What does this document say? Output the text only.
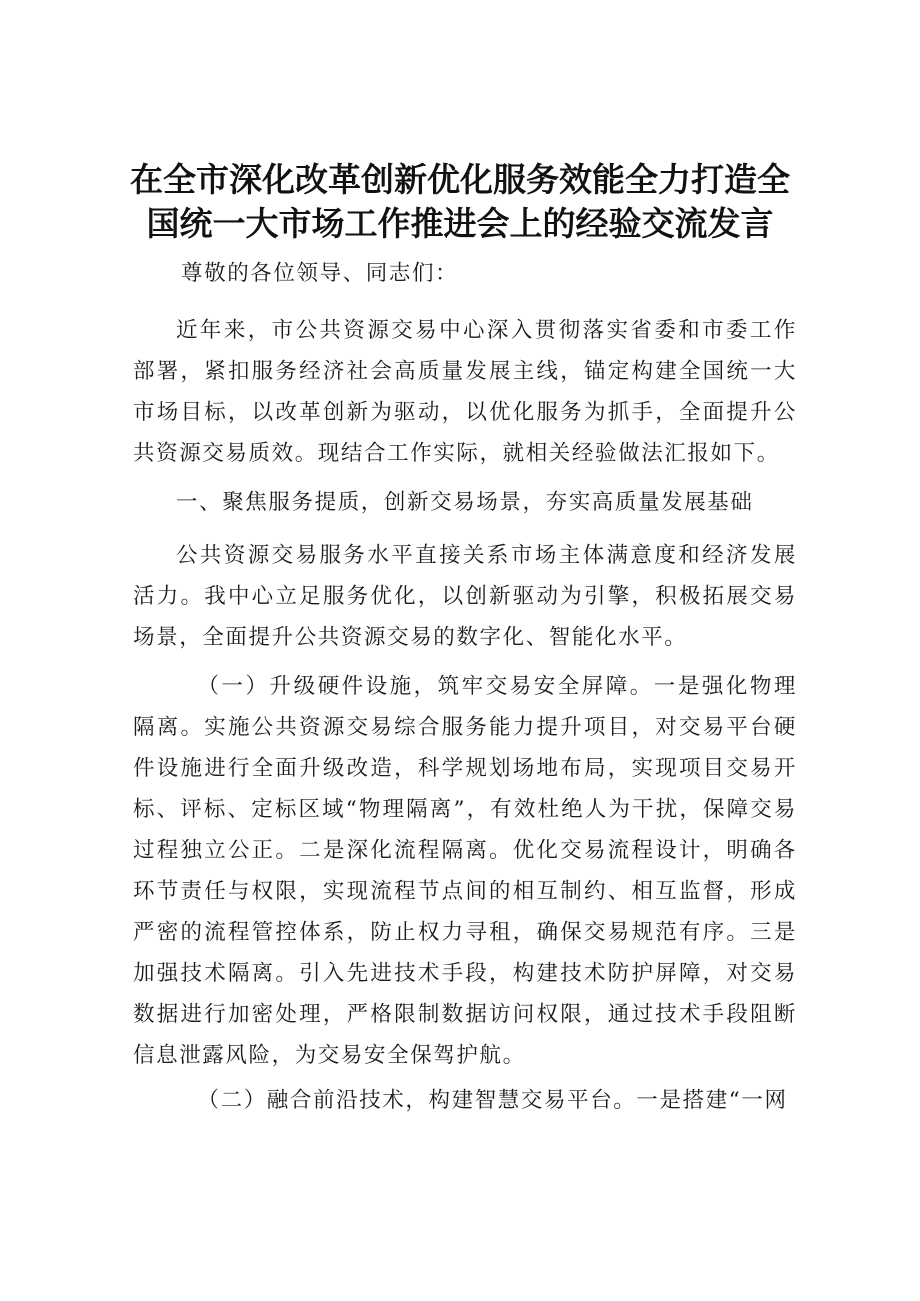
在全市深化改革创新优化服务效能全力打造全
国统一大市场工作推进会上的经验交流发言
尊敬的各位领导、同志们：

近年来，市公共资源交易中心深入贯彻落实省委和市委工作部署，紧扣服务经济社会高质量发展主线，锚定构建全国统一大市场目标，以改革创新为驱动，以优化服务为抓手，全面提升公共资源交易质效。现结合工作实际，就相关经验做法汇报如下。

一、聚焦服务提质，创新交易场景，夯实高质量发展基础

公共资源交易服务水平直接关系市场主体满意度和经济发展活力。我中心立足服务优化，以创新驱动为引擎，积极拓展交易场景，全面提升公共资源交易的数字化、智能化水平。

（一）升级硬件设施，筑牢交易安全屏障。一是强化物理隔离。实施公共资源交易综合服务能力提升项目，对交易平台硬件设施进行全面升级改造，科学规划场地布局，实现项目交易开标、评标、定标区域“物理隔离”，有效杜绝人为干扰，保障交易过程独立公正。二是深化流程隔离。优化交易流程设计，明确各环节责任与权限，实现流程节点间的相互制约、相互监督，形成严密的流程管控体系，防止权力寻租，确保交易规范有序。三是加强技术隔离。引入先进技术手段，构建技术防护屏障，对交易数据进行加密处理，严格限制数据访问权限，通过技术手段阻断信息泄露风险，为交易安全保驾护航。

（二）融合前沿技术，构建智慧交易平台。一是搭建“一网
